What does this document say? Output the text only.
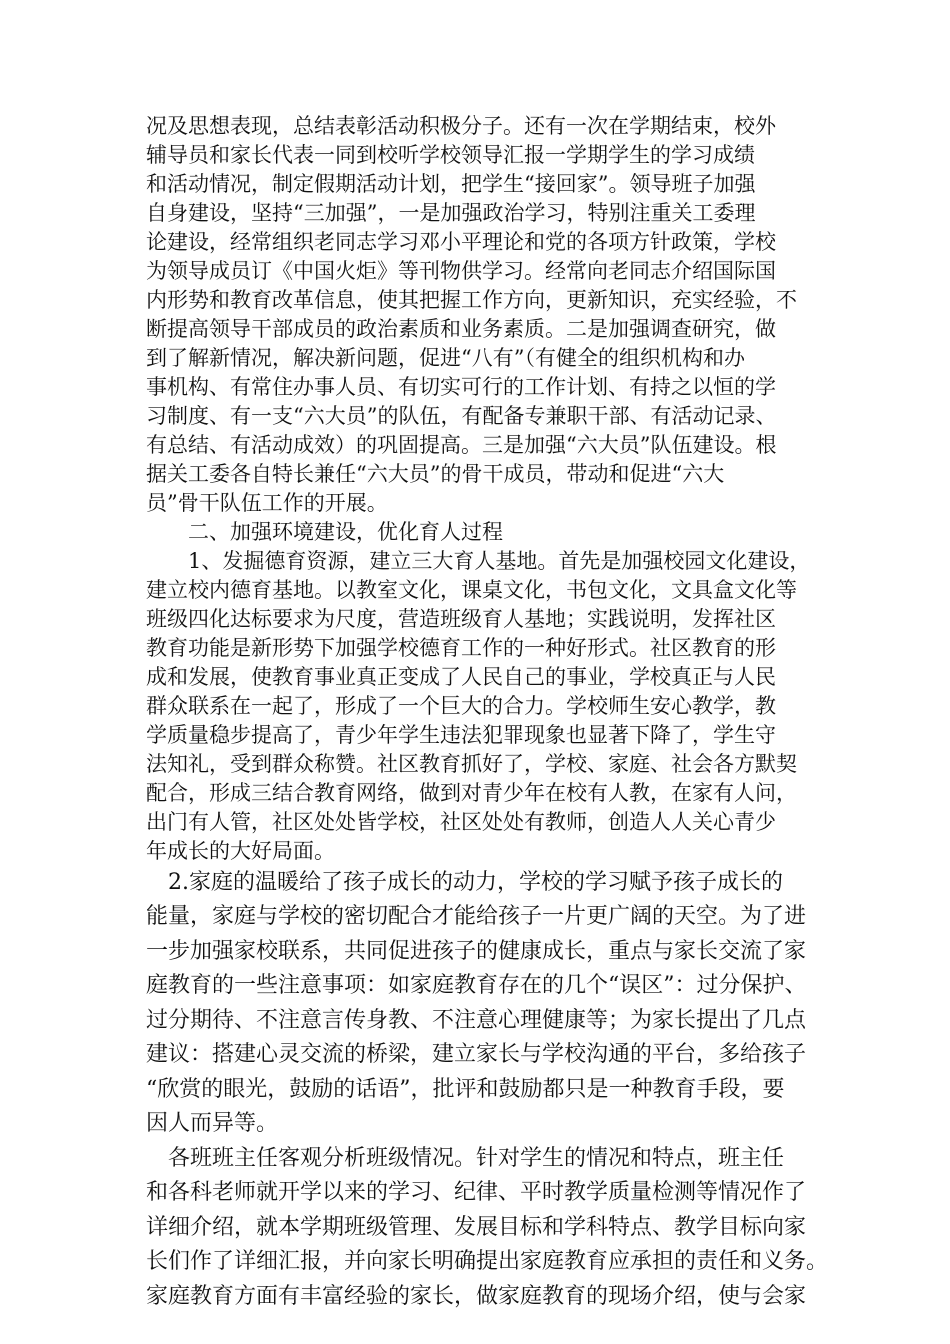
况及思想表现，总结表彰活动积极分子。还有一次在学期结束，校外
辅导员和家长代表一同到校听学校领导汇报一学期学生的学习成绩
和活动情况，制定假期活动计划，把学生“接回家”。领导班子加强
自身建设，坚持“三加强”，一是加强政治学习，特别注重关工委理
论建设，经常组织老同志学习邓小平理论和党的各项方针政策，学校
为领导成员订《中国火炬》等刊物供学习。经常向老同志介绍国际国
内形势和教育改革信息，使其把握工作方向，更新知识，充实经验，不
断提高领导干部成员的政治素质和业务素质。二是加强调查研究，做
到了解新情况，解决新问题，促进“八有”（有健全的组织机构和办
事机构、有常住办事人员、有切实可行的工作计划、有持之以恒的学
习制度、有一支“六大员”的队伍，有配备专兼职干部、有活动记录、
有总结、有活动成效）的巩固提高。三是加强“六大员”队伍建设。根
据关工委各自特长兼任“六大员”的骨干成员，带动和促进“六大
员”骨干队伍工作的开展。
　　二、加强环境建设，优化育人过程
　　1、发掘德育资源，建立三大育人基地。首先是加强校园文化建设，
建立校内德育基地。以教室文化，课桌文化，书包文化，文具盒文化等
班级四化达标要求为尺度，营造班级育人基地；实践说明，发挥社区
教育功能是新形势下加强学校德育工作的一种好形式。社区教育的形
成和发展，使教育事业真正变成了人民自己的事业，学校真正与人民
群众联系在一起了，形成了一个巨大的合力。学校师生安心教学，教
学质量稳步提高了，青少年学生违法犯罪现象也显著下降了，学生守
法知礼，受到群众称赞。社区教育抓好了，学校、家庭、社会各方默契
配合，形成三结合教育网络，做到对青少年在校有人教，在家有人问，
出门有人管，社区处处皆学校，社区处处有教师，创造人人关心青少
年成长的大好局面。
　2.家庭的温暖给了孩子成长的动力，学校的学习赋予孩子成长的
能量，家庭与学校的密切配合才能给孩子一片更广阔的天空。为了进
一步加强家校联系，共同促进孩子的健康成长，重点与家长交流了家
庭教育的一些注意事项：如家庭教育存在的几个“误区”：过分保护、
过分期待、不注意言传身教、不注意心理健康等；为家长提出了几点
建议：搭建心灵交流的桥梁，建立家长与学校沟通的平台，多给孩子
“欣赏的眼光，鼓励的话语”，批评和鼓励都只是一种教育手段，要
因人而异等。
　各班班主任客观分析班级情况。针对学生的情况和特点，班主任
和各科老师就开学以来的学习、纪律、平时教学质量检测等情况作了
详细介绍，就本学期班级管理、发展目标和学科特点、教学目标向家
长们作了详细汇报，并向家长明确提出家庭教育应承担的责任和义务。
家庭教育方面有丰富经验的家长，做家庭教育的现场介绍，使与会家
